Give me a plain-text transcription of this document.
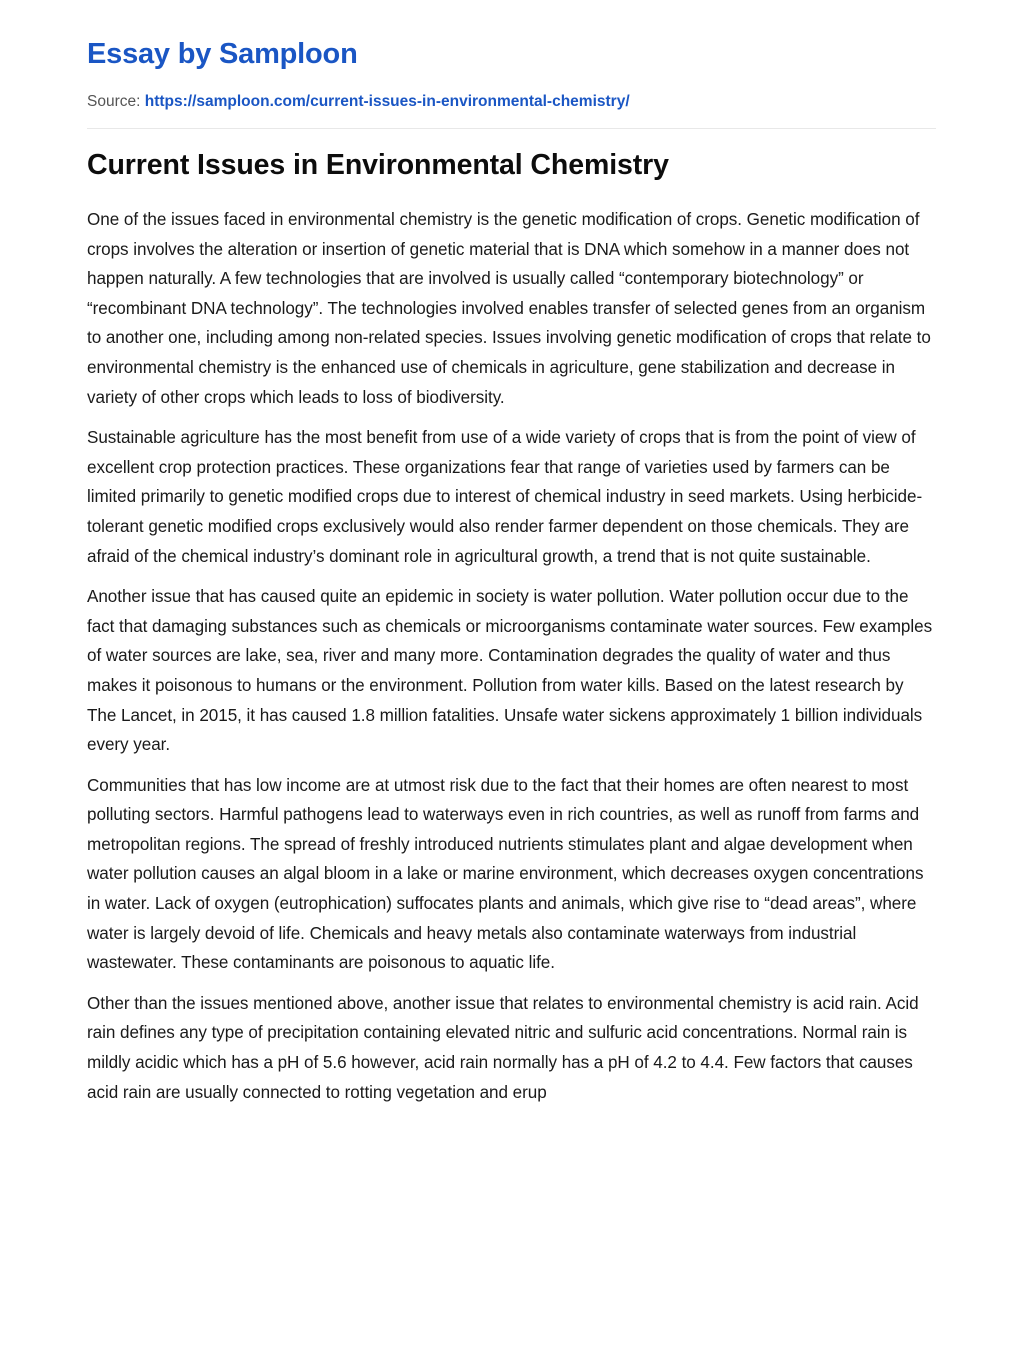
Essay by Samploon
Source: https://samploon.com/current-issues-in-environmental-chemistry/
Current Issues in Environmental Chemistry

One of the issues faced in environmental chemistry is the genetic modification of crops. Genetic modification of crops involves the alteration or insertion of genetic material that is DNA which somehow in a manner does not happen naturally. A few technologies that are involved is usually called “contemporary biotechnology” or “recombinant DNA technology”. The technologies involved enables transfer of selected genes from an organism to another one, including among non-related species. Issues involving genetic modification of crops that relate to environmental chemistry is the enhanced use of chemicals in agriculture, gene stabilization and decrease in variety of other crops which leads to loss of biodiversity.

Sustainable agriculture has the most benefit from use of a wide variety of crops that is from the point of view of excellent crop protection practices. These organizations fear that range of varieties used by farmers can be limited primarily to genetic modified crops due to interest of chemical industry in seed markets. Using herbicide-tolerant genetic modified crops exclusively would also render farmer dependent on those chemicals. They are afraid of the chemical industry’s dominant role in agricultural growth, a trend that is not quite sustainable.

Another issue that has caused quite an epidemic in society is water pollution. Water pollution occur due to the fact that damaging substances such as chemicals or microorganisms contaminate water sources. Few examples of water sources are lake, sea, river and many more. Contamination degrades the quality of water and thus makes it poisonous to humans or the environment. Pollution from water kills. Based on the latest research by The Lancet, in 2015, it has caused 1.8 million fatalities. Unsafe water sickens approximately 1 billion individuals every year.

Communities that has low income are at utmost risk due to the fact that their homes are often nearest to most polluting sectors. Harmful pathogens lead to waterways even in rich countries, as well as runoff from farms and metropolitan regions. The spread of freshly introduced nutrients stimulates plant and algae development when water pollution causes an algal bloom in a lake or marine environment, which decreases oxygen concentrations in water. Lack of oxygen (eutrophication) suffocates plants and animals, which give rise to “dead areas”, where water is largely devoid of life. Chemicals and heavy metals also contaminate waterways from industrial wastewater. These contaminants are poisonous to aquatic life.

Other than the issues mentioned above, another issue that relates to environmental chemistry is acid rain. Acid rain defines any type of precipitation containing elevated nitric and sulfuric acid concentrations. Normal rain is mildly acidic which has a pH of 5.6 however, acid rain normally has a pH of 4.2 to 4.4. Few factors that causes acid rain are usually connected to rotting vegetation and erup
